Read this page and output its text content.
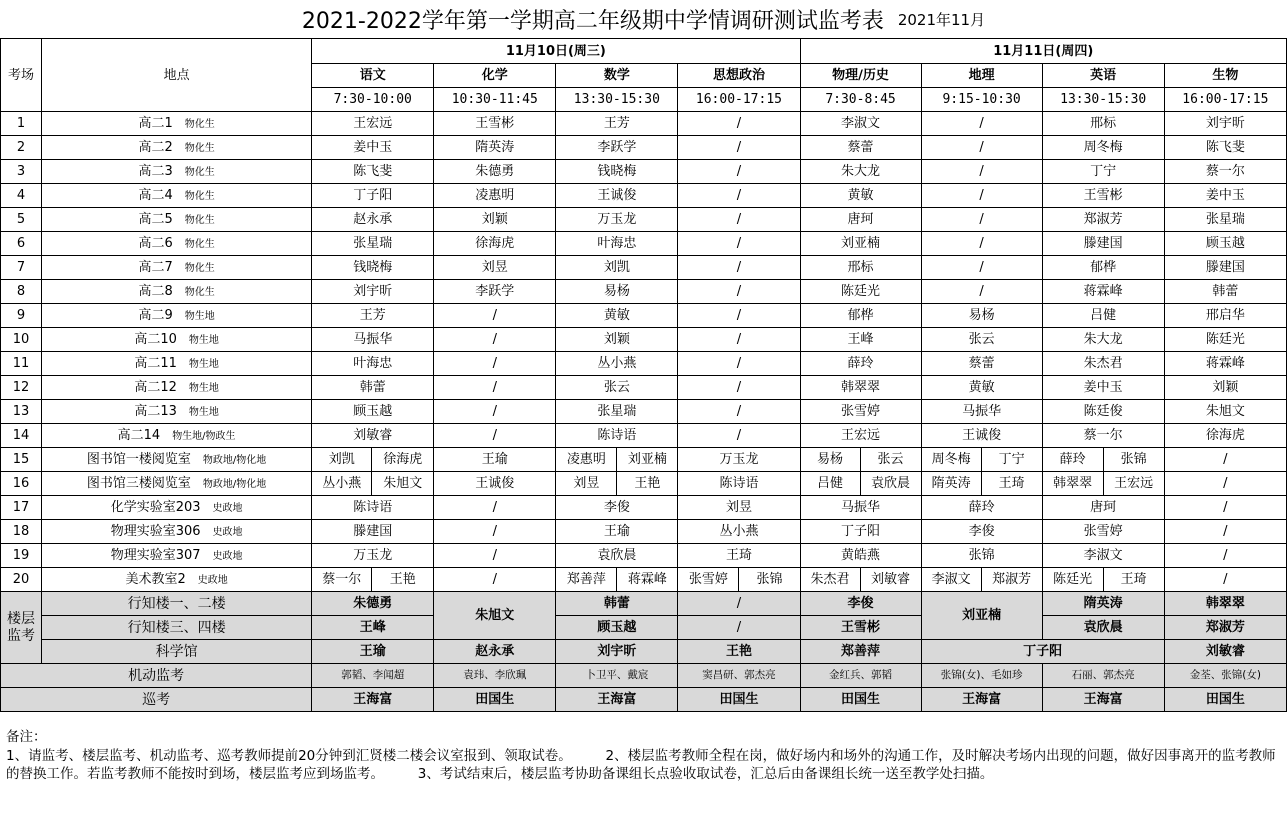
2021-2022学年第一学期高二年级期中学情调研测试监考表 2021年11月
考场	地点	11月10日(周三)							11月11日(周四)						
		语文		化学	数学		思想政治		物理/历史		地理		英语		生物
		7:30-10:00		10:30-11:45	13:30-15:30		16:00-17:15		7:30-8:45		9:15-10:30		13:30-15:30		16:00-17:15
1	高二1 物化生	王宏远		王雪彬	王芳		/		李淑文		/		邢标		刘宇昕
2	高二2 物化生	姜中玉		隋英涛	李跃学		/		蔡蕾		/		周冬梅		陈飞斐
3	高二3 物化生	陈飞斐		朱德勇	钱晓梅		/		朱大龙		/		丁宁		蔡一尔
4	高二4 物化生	丁子阳		凌惠明	王诚俊		/		黄敏		/		王雪彬		姜中玉
5	高二5 物化生	赵永承		刘颖	万玉龙		/		唐珂		/		郑淑芳		张星瑞
6	高二6 物化生	张星瑞		徐海虎	叶海忠		/		刘亚楠		/		滕建国		顾玉越
7	高二7 物化生	钱晓梅		刘昱	刘凯		/		邢标		/		郁桦		滕建国
8	高二8 物化生	刘宇昕		李跃学	易杨		/		陈廷光		/		蒋霖峰		韩蕾
9	高二9 物生地	王芳		/	黄敏		/		郁桦		易杨		吕健		邢启华
10	高二10 物生地	马振华		/	刘颖		/		王峰		张云		朱大龙		陈廷光
11	高二11 物生地	叶海忠		/	丛小燕		/		薛玲		蔡蕾		朱杰君		蒋霖峰
12	高二12 物生地	韩蕾		/	张云		/		韩翠翠		黄敏		姜中玉		刘颖
13	高二13 物生地	顾玉越		/	张星瑞		/		张雪婷		马振华		陈廷俊		朱旭文
14	高二14 物生地/物政生	刘敏睿		/	陈诗语		/		王宏远		王诚俊		蔡一尔		徐海虎
15	图书馆一楼阅览室 物政地/物化地	刘凯	徐海虎	王瑜	凌惠明	刘亚楠	万玉龙		易杨	张云	周冬梅	丁宁	薛玲	张锦	/
16	图书馆三楼阅览室 物政地/物化地	丛小燕	朱旭文	王诚俊	刘昱	王艳	陈诗语		吕健	袁欣晨	隋英涛	王琦	韩翠翠	王宏远	/
17	化学实验室203 史政地	陈诗语		/	李俊		刘昱		马振华		薛玲		唐珂		/
18	物理实验室306 史政地	滕建国		/	王瑜		丛小燕		丁子阳		李俊		张雪婷		/
19	物理实验室307 史政地	万玉龙		/	袁欣晨		王琦		黄皓燕		张锦		李淑文		/
20	美术教室2 史政地	蔡一尔	王艳	/	郑善萍	蒋霖峰	张雪婷	张锦	朱杰君	刘敏睿	李淑文	郑淑芳	陈廷光	王琦	/
楼层监考	行知楼一、二楼	朱德勇		朱旭文	韩蕾		/		李俊		刘亚楠		隋英涛		韩翠翠
	行知楼三、四楼	王峰			顾玉越		/		王雪彬				袁欣晨		郑淑芳
	科学馆	王瑜		赵永承	刘宇昕		王艳		郑善萍		丁子阳				刘敏睿
机动监考		郭韬、李闻超		袁玮、李欣珮	卜卫平、戴宸		窦昌研、郭杰亮		金红兵、郭韬		张锦(女)、毛如珍		石丽、郭杰亮		金荃、张锦(女)
巡考		王海富		田国生	王海富		田国生		田国生		王海富		王海富		田国生
备注：
1、请监考、楼层监考、机动监考、巡考教师提前20分钟到汇贤楼二楼会议室报到、领取试卷。　　　2、楼层监考教师全程在岗，做好场内和场外的沟通工作，及时解决考场内出现的问题，做好因事离开的监考教师的替换工作。若监考教师不能按时到场，楼层监考应到场监考。　　　3、考试结束后，楼层监考协助备课组长点验收取试卷，汇总后由备课组长统一送至教学处扫描。
